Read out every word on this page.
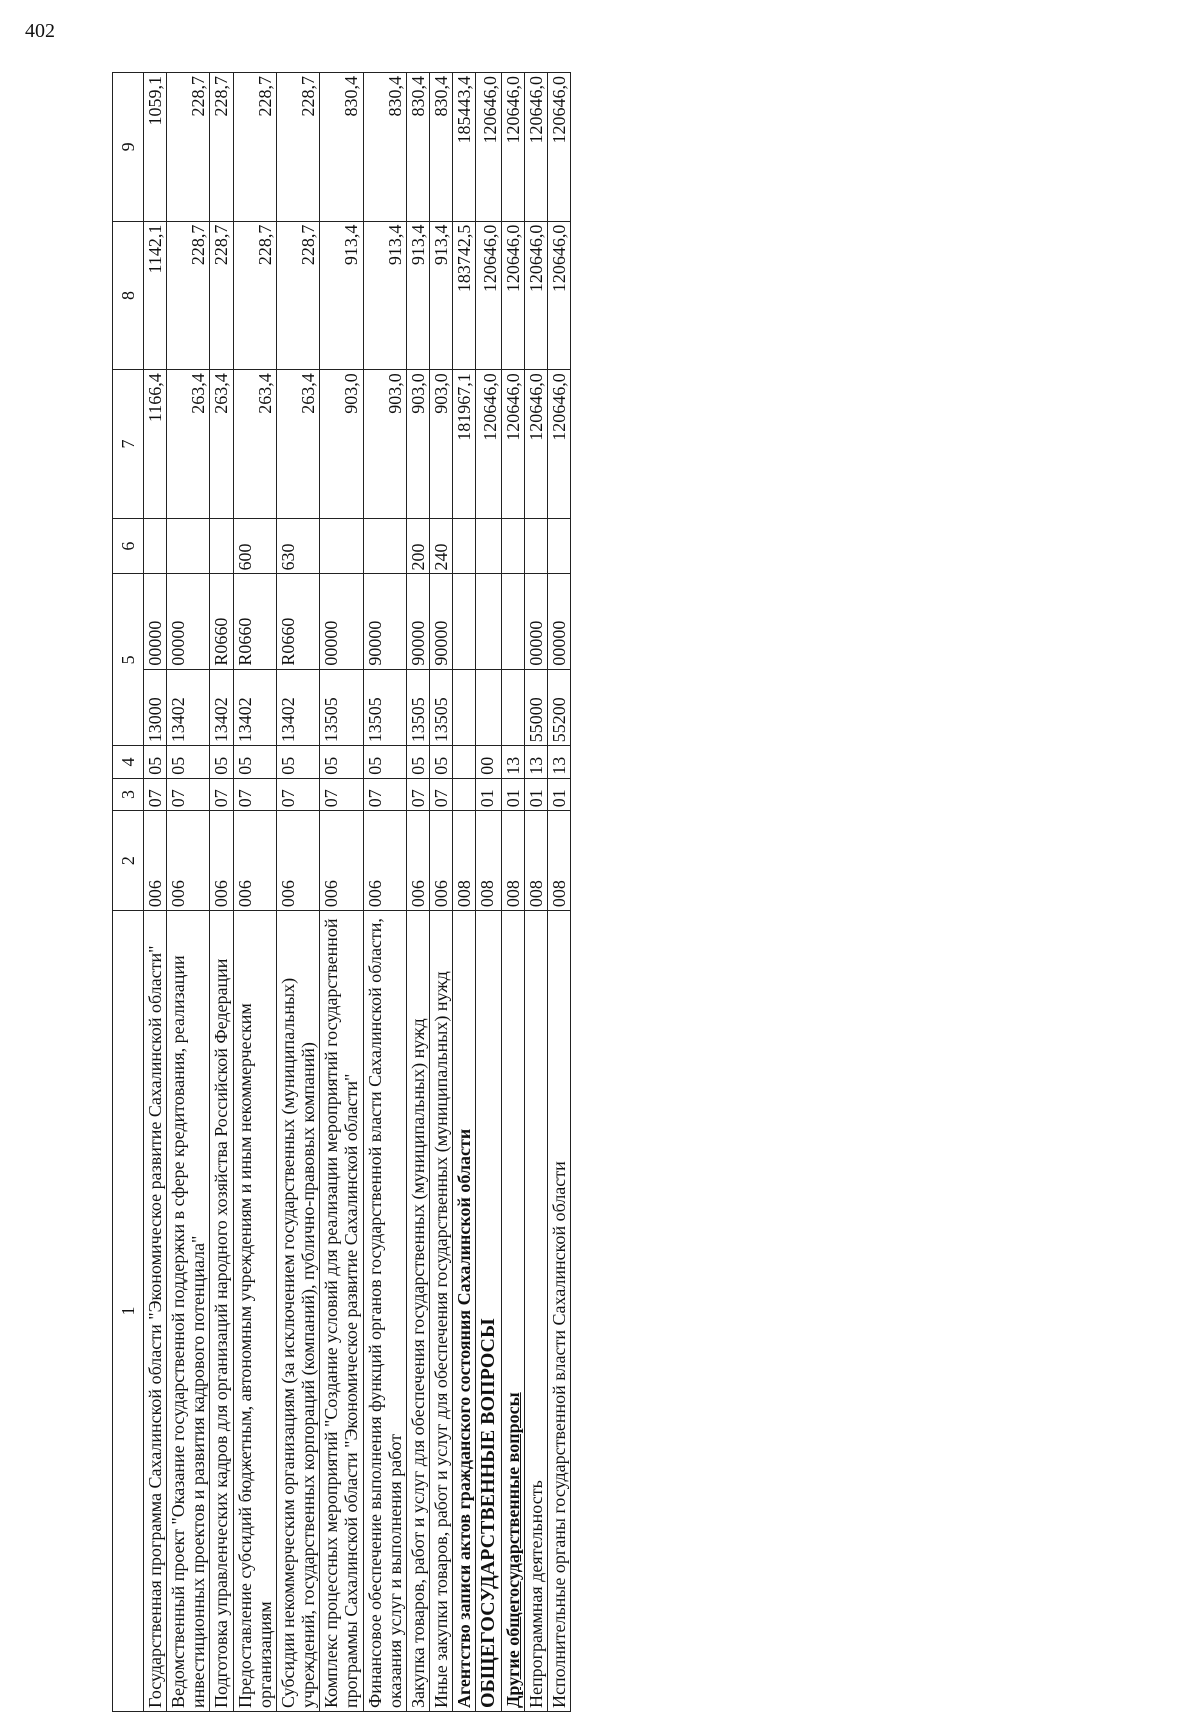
402
1	2	3	4	5		6	7	8	9
Государственная программа Сахалинской области "Экономическое развитие Сахалинской области"	006	07	05	13000	00000		1166,4	1142,1	1059,1
Ведомственный проект "Оказание государственной поддержки в сфере кредитования, реализации инвестиционных проектов и развития кадрового потенциала"	006	07	05	13402	00000		263,4	228,7	228,7
Подготовка управленческих кадров для организаций народного хозяйства Российской Федерации	006	07	05	13402	R0660		263,4	228,7	228,7
Предоставление субсидий бюджетным, автономным учреждениям и иным некоммерческим организациям	006	07	05	13402	R0660	600	263,4	228,7	228,7
Субсидии некоммерческим организациям (за исключением государственных (муниципальных) учреждений, государственных корпораций (компаний), публично-правовых компаний)	006	07	05	13402	R0660	630	263,4	228,7	228,7
Комплекс процессных мероприятий "Создание условий для реализации мероприятий государственной программы Сахалинской области "Экономическое развитие Сахалинской области"	006	07	05	13505	00000		903,0	913,4	830,4
Финансовое обеспечение выполнения функций органов государственной власти Сахалинской области, оказания услуг и выполнения работ	006	07	05	13505	90000		903,0	913,4	830,4
Закупка товаров, работ и услуг для обеспечения государственных (муниципальных) нужд	006	07	05	13505	90000	200	903,0	913,4	830,4
Иные закупки товаров, работ и услуг для обеспечения государственных (муниципальных) нужд	006	07	05	13505	90000	240	903,0	913,4	830,4
Агентство записи актов гражданского состояния Сахалинской области	008						181967,1	183742,5	185443,4
ОБЩЕГОСУДАРСТВЕННЫЕ ВОПРОСЫ	008	01	00				120646,0	120646,0	120646,0
Другие общегосударственные вопросы	008	01	13				120646,0	120646,0	120646,0
Непрограммная деятельность	008	01	13	55000	00000		120646,0	120646,0	120646,0
Исполнительные органы государственной власти Сахалинской области	008	01	13	55200	00000		120646,0	120646,0	120646,0
